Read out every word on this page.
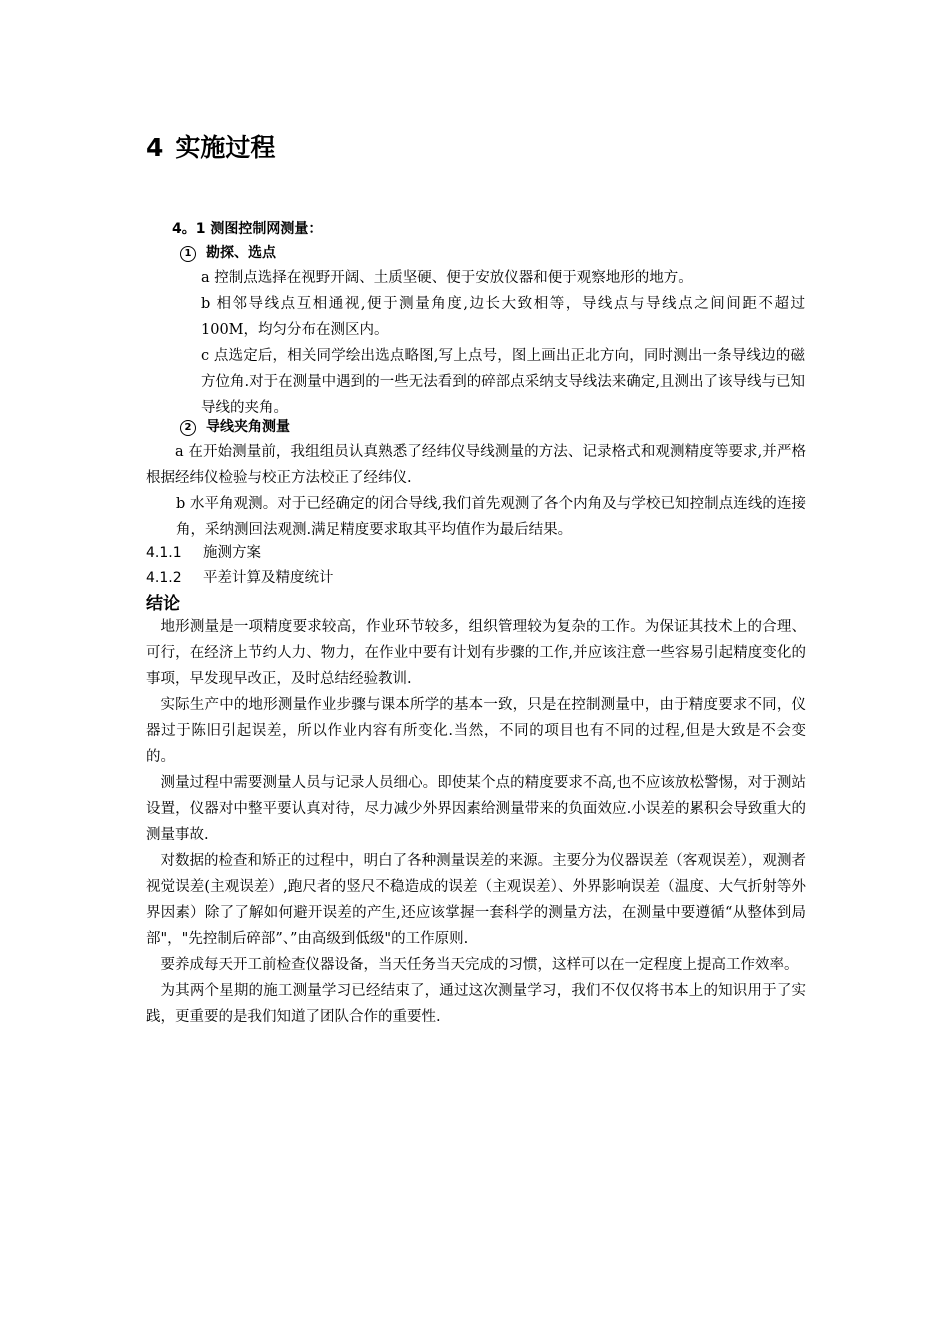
4 实施过程
4。1 测图控制网测量：
1 勘探、选点

a 控制点选择在视野开阔、土质坚硬、便于安放仪器和便于观察地形的地方。

b 相邻导线点互相通视,便于测量角度,边长大致相等，导线点与导线点之间间距不超过 100M，均匀分布在测区内。

c 点选定后，相关同学绘出选点略图,写上点号，图上画出正北方向，同时测出一条导线边的磁方位角.对于在测量中遇到的一些无法看到的碎部点采纳支导线法来确定,且测出了该导线与已知导线的夹角。

2 导线夹角测量

a 在开始测量前，我组组员认真熟悉了经纬仪导线测量的方法、记录格式和观测精度等要求,并严格根据经纬仪检验与校正方法校正了经纬仪.

b 水平角观测。对于已经确定的闭合导线,我们首先观测了各个内角及与学校已知控制点连线的连接角，采纳测回法观测.满足精度要求取其平均值作为最后结果。

4.1.1 施测方案
4.1.2 平差计算及精度统计
结论

地形测量是一项精度要求较高，作业环节较多，组织管理较为复杂的工作。为保证其技术上的合理、可行，在经济上节约人力、物力，在作业中要有计划有步骤的工作,并应该注意一些容易引起精度变化的事项，早发现早改正，及时总结经验教训.

实际生产中的地形测量作业步骤与课本所学的基本一致，只是在控制测量中，由于精度要求不同，仪器过于陈旧引起误差，所以作业内容有所变化.当然，不同的项目也有不同的过程,但是大致是不会变的。

测量过程中需要测量人员与记录人员细心。即使某个点的精度要求不高,也不应该放松警惕，对于测站设置，仪器对中整平要认真对待，尽力减少外界因素给测量带来的负面效应.小误差的累积会导致重大的测量事故.

对数据的检查和矫正的过程中，明白了各种测量误差的来源。主要分为仪器误差（客观误差），观测者视觉误差(主观误差）,跑尺者的竖尺不稳造成的误差（主观误差）、外界影响误差（温度、大气折射等外界因素）除了了解如何避开误差的产生,还应该掌握一套科学的测量方法，在测量中要遵循“从整体到局部"，"先控制后碎部”、”由高级到低级"的工作原则.

要养成每天开工前检查仪器设备，当天任务当天完成的习惯，这样可以在一定程度上提高工作效率。

为其两个星期的施工测量学习已经结束了，通过这次测量学习，我们不仅仅将书本上的知识用于了实践，更重要的是我们知道了团队合作的重要性.
